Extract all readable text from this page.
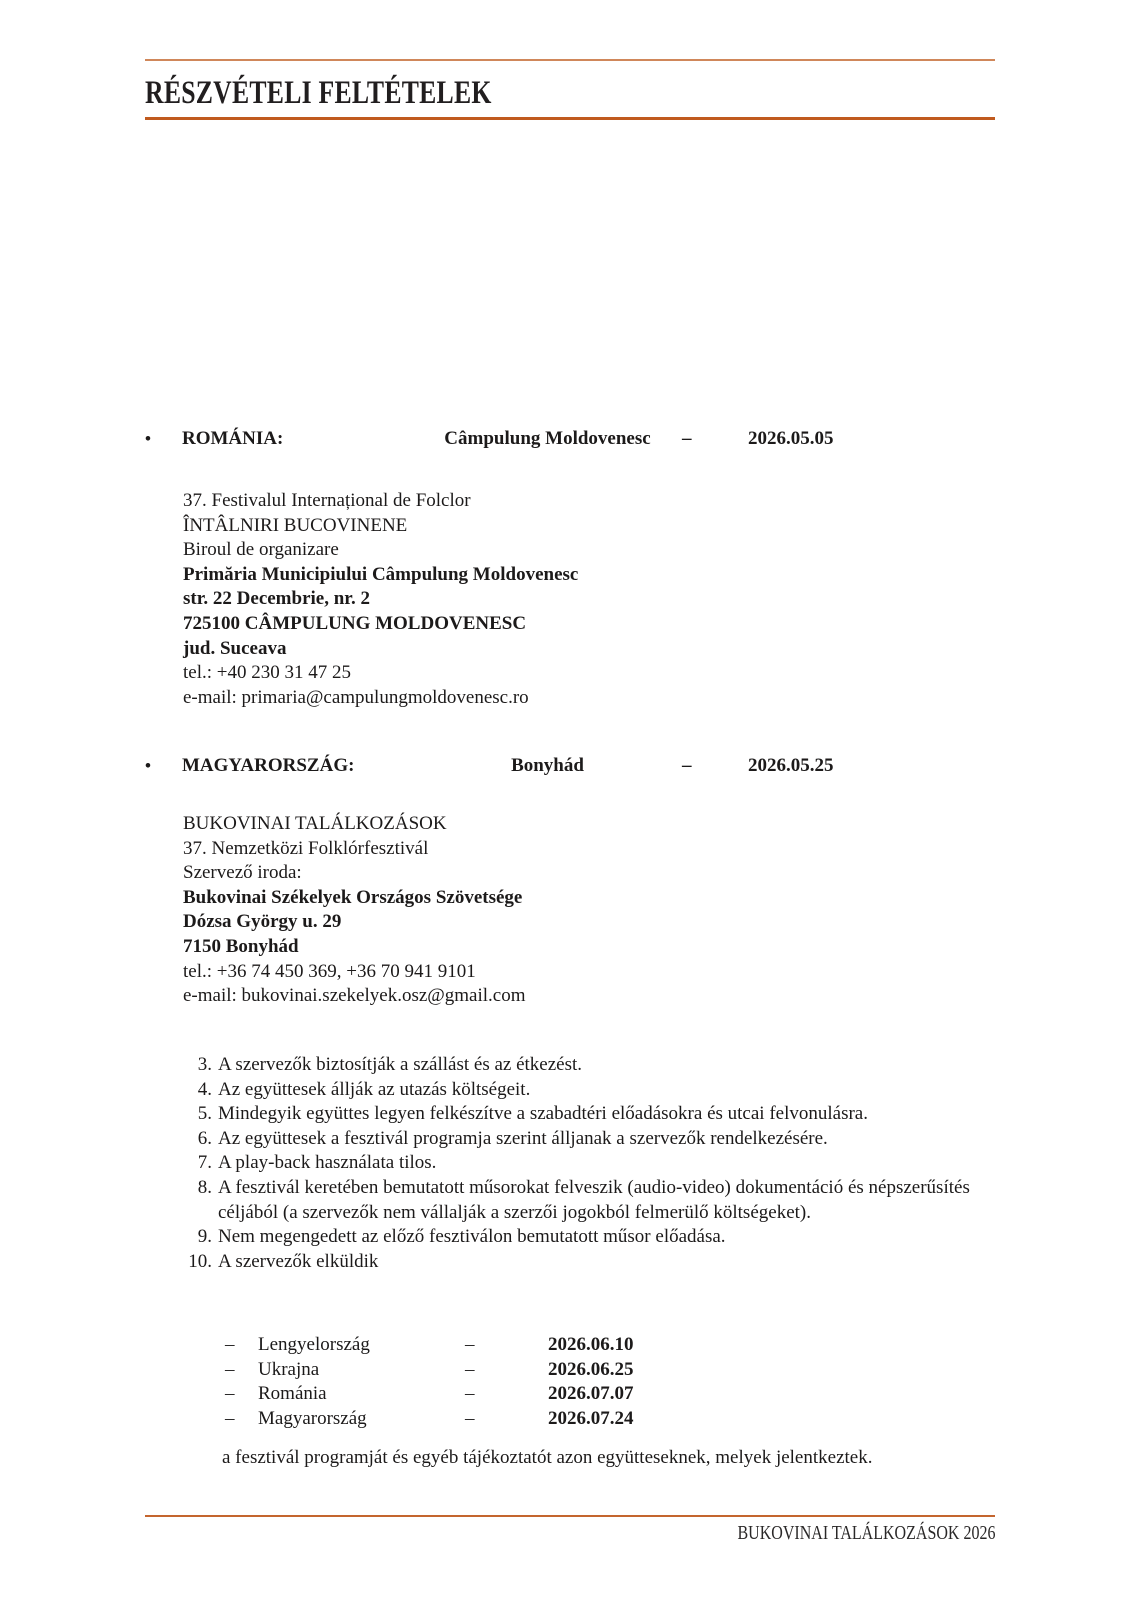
RÉSZVÉTELI FELTÉTELEK
•	ROMÁNIA:	Câmpulung Moldovenesc	–	2026.05.05
37. Festivalul Internațional de Folclor
ÎNTÂLNIRI BUCOVINENE
Biroul de organizare
Primăria Municipiului Câmpulung Moldovenesc
str. 22 Decembrie, nr. 2
725100 CÂMPULUNG MOLDOVENESC
jud. Suceava
tel.: +40 230 31 47 25
e-mail: primaria@campulungmoldovenesc.ro
•	MAGYARORSZÁG:	Bonyhád	–	2026.05.25
BUKOVINAI TALÁLKOZÁSOK
37. Nemzetközi Folklórfesztivál
Szervező iroda:
Bukovinai Székelyek Országos Szövetsége
Dózsa György u. 29
7150 Bonyhád
tel.: +36 74 450 369, +36 70 941 9101
e-mail: bukovinai.szekelyek.osz@gmail.com
3. A szervezők biztosítják a szállást és az étkezést.
4. Az együttesek állják az utazás költségeit.
5. Mindegyik együttes legyen felkészítve a szabadtéri előadásokra és utcai felvonulásra.
6. Az együttesek a fesztivál programja szerint álljanak a szervezők rendelkezésére.
7. A play-back használata tilos.
8. A fesztivál keretében bemutatott műsorokat felveszik (audio-video) dokumentáció és népszerűsítés céljából (a szervezők nem vállalják a szerzői jogokból felmerülő költségeket).
9. Nem megengedett az előző fesztiválon bemutatott műsor előadása.
10. A szervezők elküldik
–	Lengyelország	–	2026.06.10
–	Ukrajna	–	2026.06.25
–	Románia	–	2026.07.07
–	Magyarország	–	2026.07.24
a fesztivál programját és egyéb tájékoztatót azon együtteseknek, melyek jelentkeztek.
BUKOVINAI TALÁLKOZÁSOK 2026
